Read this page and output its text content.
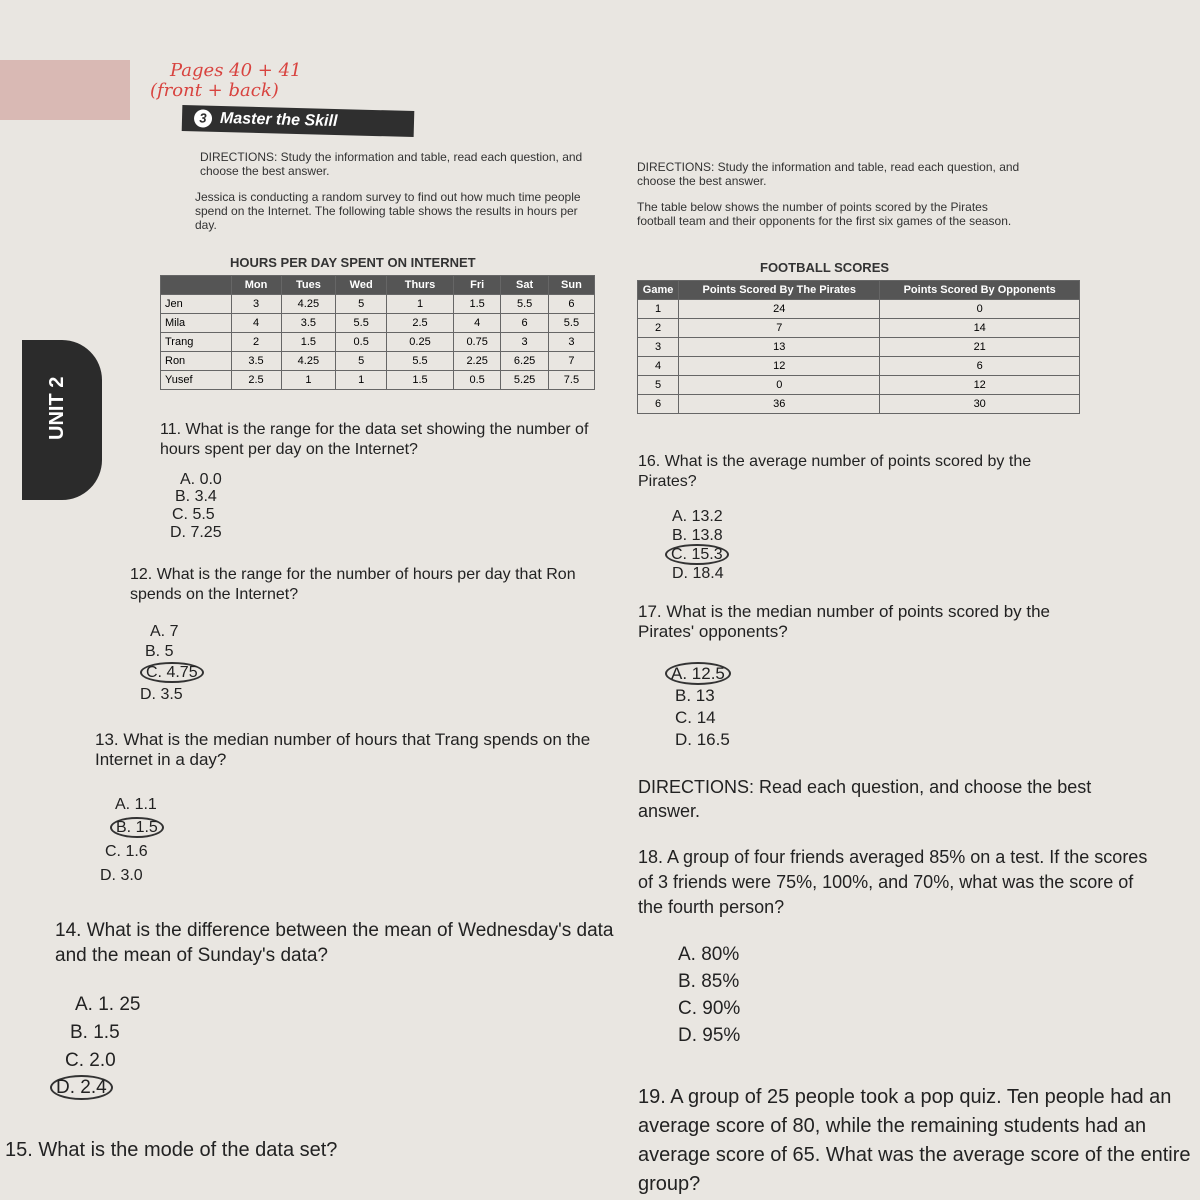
UNIT 2
Pages 40 + 41
(front + back)
3 Master the Skill
DIRECTIONS: Study the information and table, read each question, and choose the best answer.
Jessica is conducting a random survey to find out how much time people spend on the Internet. The following table shows the results in hours per day.
HOURS PER DAY SPENT ON INTERNET
	Mon	Tues	Wed	Thurs	Fri	Sat	Sun
Jen	3	4.25	5	1	1.5	5.5	6
Mila	4	3.5	5.5	2.5	4	6	5.5
Trang	2	1.5	0.5	0.25	0.75	3	3
Ron	3.5	4.25	5	5.5	2.25	6.25	7
Yusef	2.5	1	1	1.5	0.5	5.25	7.5
DIRECTIONS: Study the information and table, read each question, and choose the best answer.
The table below shows the number of points scored by the Pirates football team and their opponents for the first six games of the season.
FOOTBALL SCORES
Game	Points Scored By The Pirates	Points Scored By Opponents
1	24	0
2	7	14
3	13	21
4	12	6
5	0	12
6	36	30
11. What is the range for the data set showing the number of hours spent per day on the Internet?
A. 0.0
B. 3.4
C. 5.5
D. 7.25
12. What is the range for the number of hours per day that Ron spends on the Internet?
A. 7
B. 5
C. 4.75
D. 3.5
13. What is the median number of hours that Trang spends on the Internet in a day?
A. 1.1
B. 1.5
C. 1.6
D. 3.0
14. What is the difference between the mean of Wednesday's data and the mean of Sunday's data?
A. 1. 25
B. 1.5
C. 2.0
D. 2.4
15. What is the mode of the data set?
16. What is the average number of points scored by the Pirates?
A. 13.2
B. 13.8
C. 15.3
D. 18.4
17. What is the median number of points scored by the Pirates' opponents?
A. 12.5
B. 13
C. 14
D. 16.5
DIRECTIONS: Read each question, and choose the best answer.
18. A group of four friends averaged 85% on a test. If the scores of 3 friends were 75%, 100%, and 70%, what was the score of the fourth person?
A. 80%
B. 85%
C. 90%
D. 95%
19. A group of 25 people took a pop quiz. Ten people had an average score of 80, while the remaining students had an average score of 65. What was the average score of the entire group?
